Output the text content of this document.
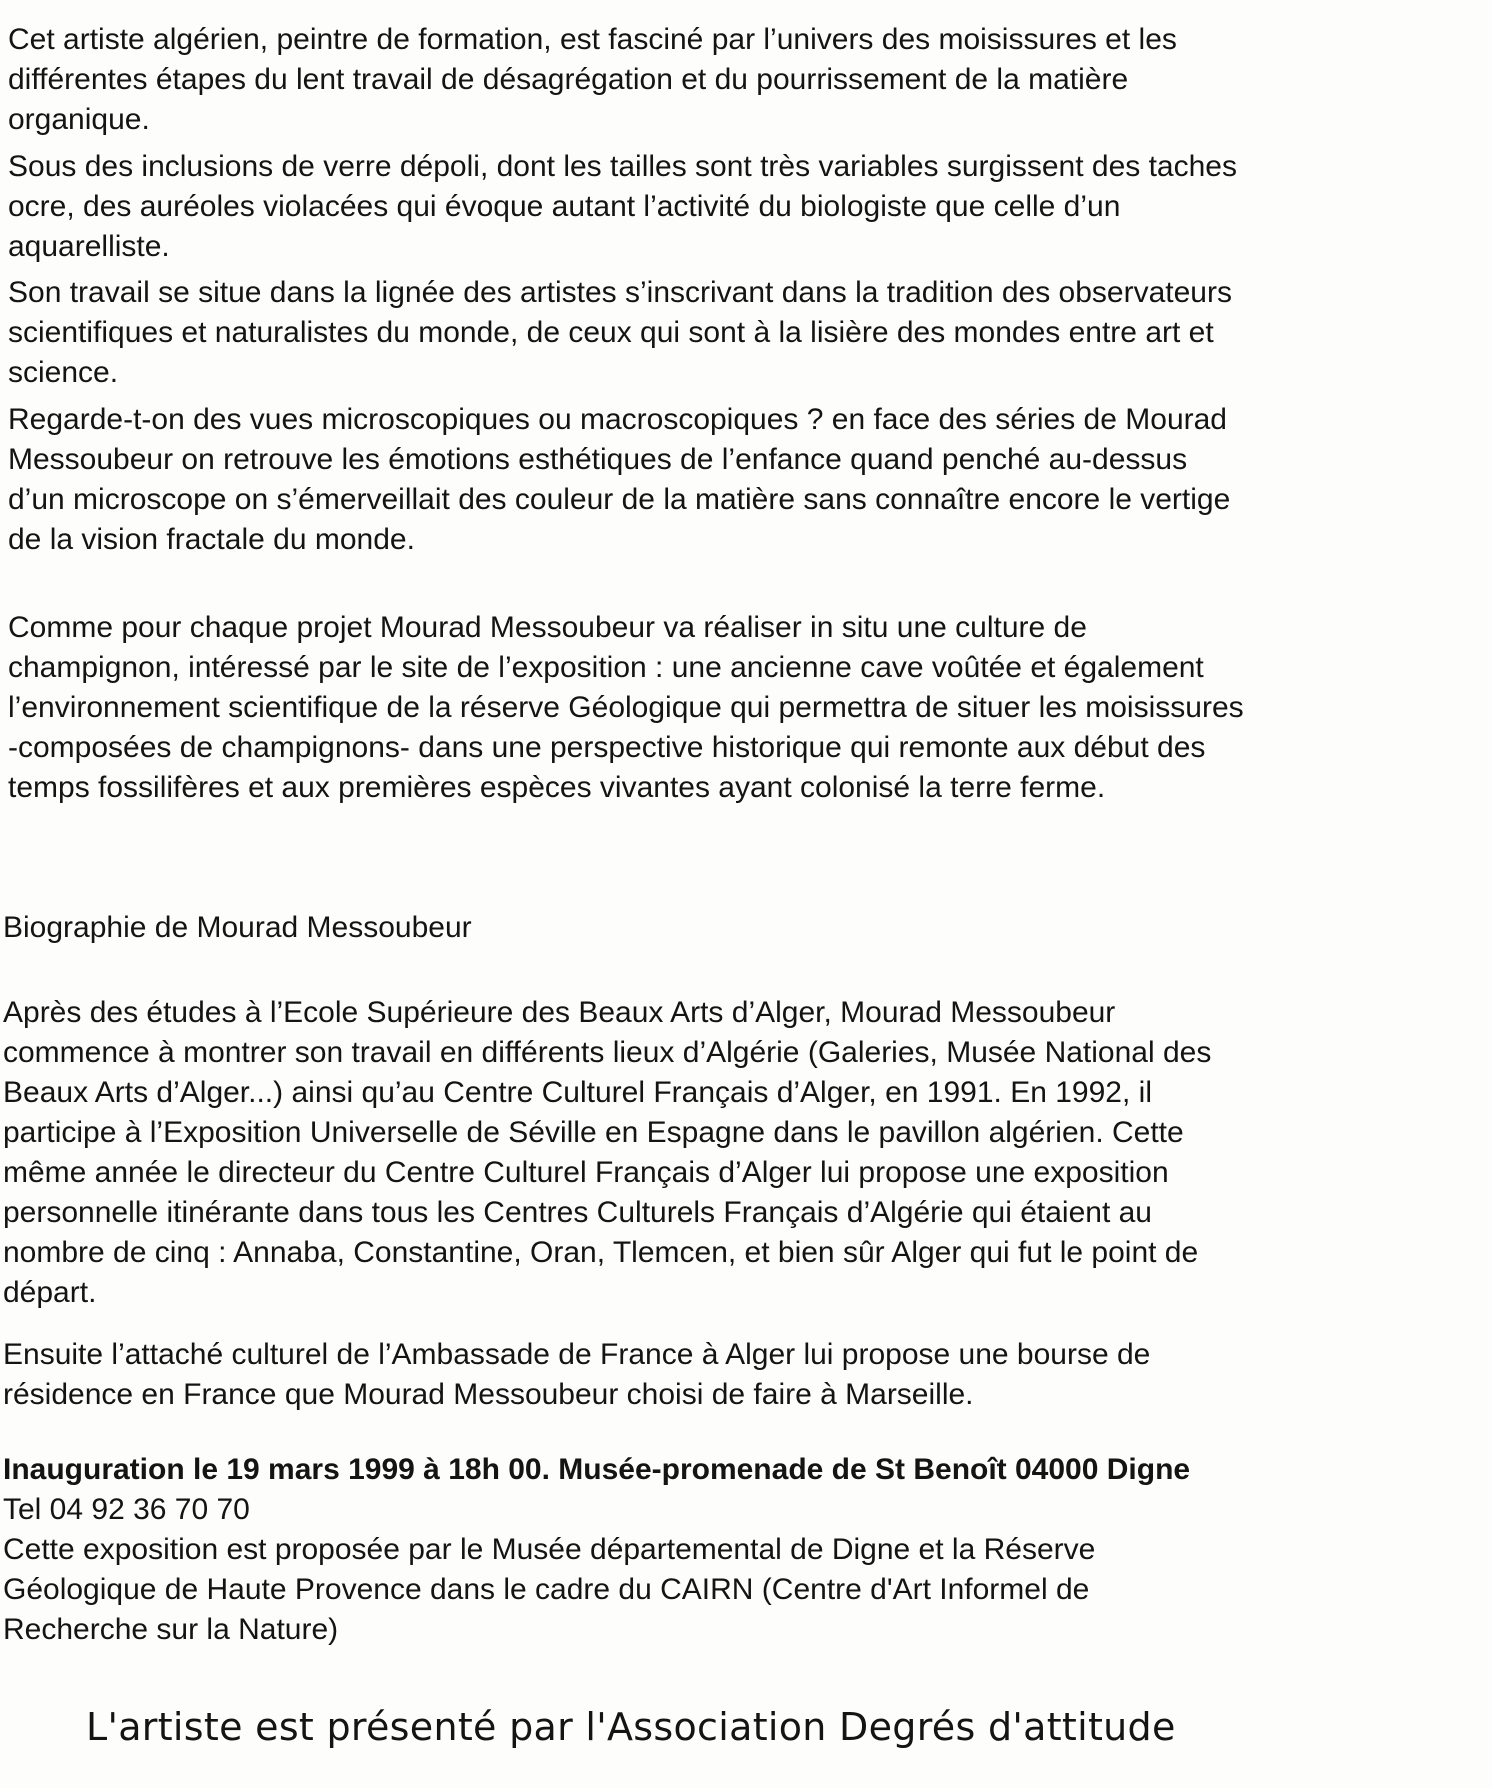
Cet artiste algérien, peintre de formation, est fasciné par l’univers des moisissures et les
différentes étapes du lent travail de désagrégation et du pourrissement de la matière
organique.
Sous des inclusions de verre dépoli, dont les tailles sont très variables surgissent des taches
ocre, des auréoles violacées qui évoque autant l’activité du biologiste que celle d’un
aquarelliste.
Son travail se situe dans la lignée des artistes s’inscrivant dans la tradition des observateurs
scientifiques et naturalistes du monde, de ceux qui sont à la lisière des mondes entre art et
science.
Regarde-t-on des vues microscopiques ou macroscopiques ? en face des séries de Mourad
Messoubeur on retrouve les émotions esthétiques de l’enfance quand penché au-dessus
d’un microscope on s’émerveillait des couleur de la matière sans connaître encore le vertige
de la vision fractale du monde.
Comme pour chaque projet Mourad Messoubeur va réaliser in situ une culture de
champignon, intéressé par le site de l’exposition : une ancienne cave voûtée et également
l’environnement scientifique de la réserve Géologique qui permettra de situer les moisissures
-composées de champignons- dans une perspective historique qui remonte aux début des
temps fossilifères et aux premières espèces vivantes ayant colonisé la terre ferme.
Biographie de Mourad Messoubeur
Après des études à l’Ecole Supérieure des Beaux Arts d’Alger, Mourad Messoubeur
commence à montrer son travail en différents lieux d’Algérie (Galeries, Musée National des
Beaux Arts d’Alger...) ainsi qu’au Centre Culturel Français d’Alger, en 1991. En 1992, il
participe à l’Exposition Universelle de Séville en Espagne dans le pavillon algérien. Cette
même année le directeur du Centre Culturel Français d’Alger lui propose une exposition
personnelle itinérante dans tous les Centres Culturels Français d’Algérie qui étaient au
nombre de cinq : Annaba, Constantine, Oran, Tlemcen, et bien sûr Alger qui fut le point de
départ.
Ensuite l’attaché culturel de l’Ambassade de France à Alger lui propose une bourse de
résidence en France que Mourad Messoubeur choisi de faire à Marseille.
Inauguration le 19 mars 1999 à 18h 00. Musée-promenade de St Benoît 04000 Digne
Tel 04 92 36 70 70
Cette exposition est proposée par le Musée départemental de Digne et la Réserve
Géologique de Haute Provence dans le cadre du CAIRN (Centre d'Art Informel de
Recherche sur la Nature)
L'artiste est présenté par l'Association Degrés d'attitude
